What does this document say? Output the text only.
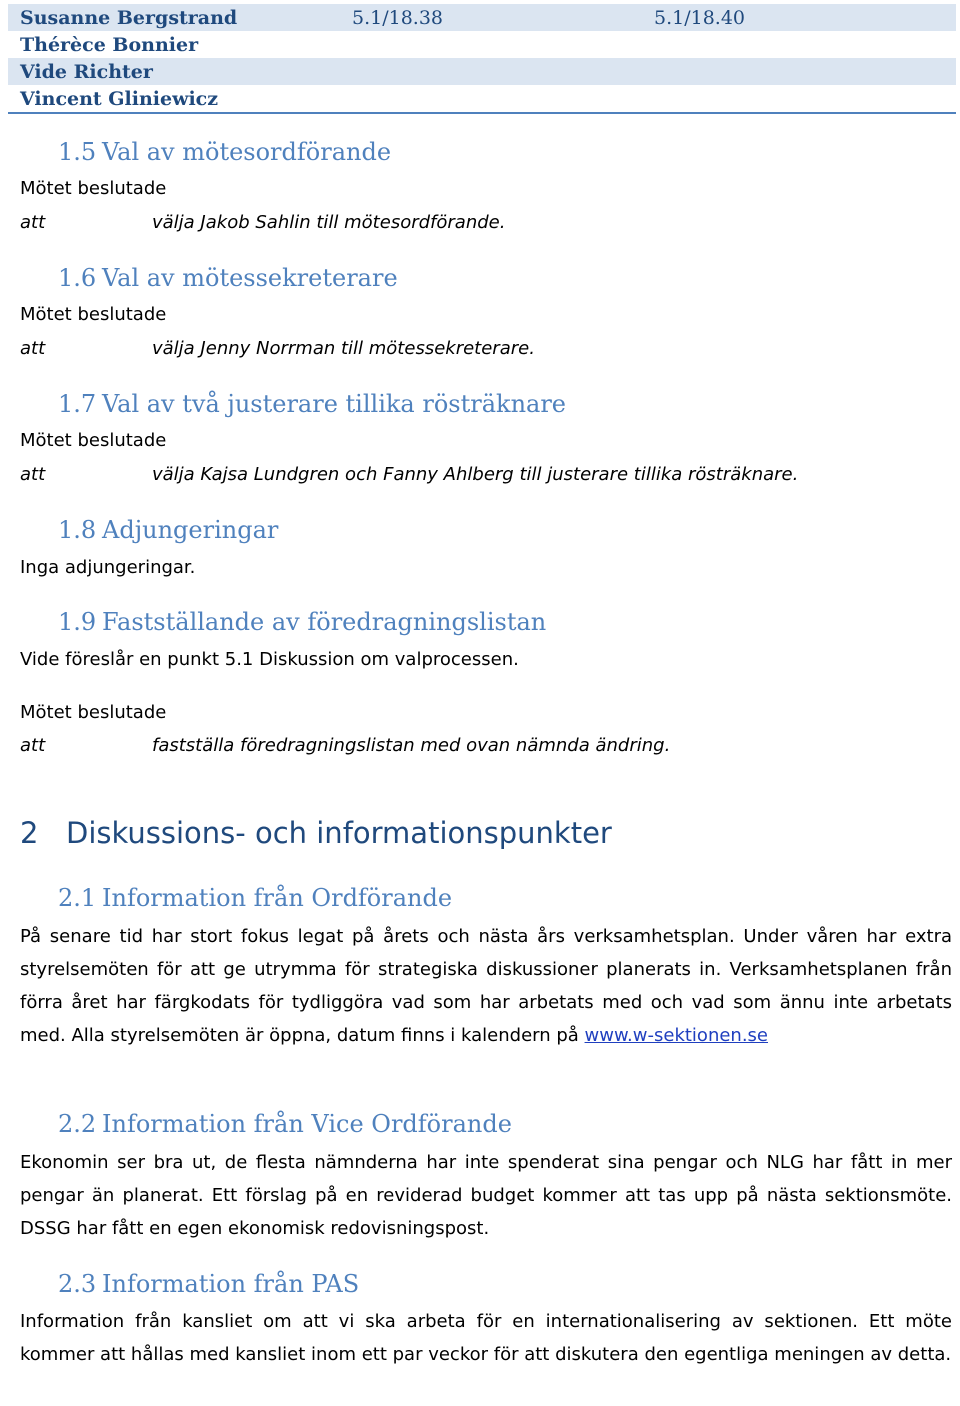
Susanne Bergstrand	5.1/18.38	5.1/18.40
Thérèce Bonnier		
Vide Richter		
Vincent Gliniewicz		
1.5 Val av mötesordförande
Mötet beslutade
att	välja Jakob Sahlin till mötesordförande.
1.6 Val av mötessekreterare
Mötet beslutade
att	välja Jenny Norrman till mötessekreterare.
1.7 Val av två justerare tillika rösträknare
Mötet beslutade
att	välja Kajsa Lundgren och Fanny Ahlberg till justerare tillika rösträknare.
1.8 Adjungeringar
Inga adjungeringar.
1.9 Fastställande av föredragningslistan
Vide föreslår en punkt 5.1 Diskussion om valprocessen.
Mötet beslutade
att	fastställa föredragningslistan med ovan nämnda ändring.
2 Diskussions- och informationspunkter
2.1 Information från Ordförande

På senare tid har stort fokus legat på årets och nästa års verksamhetsplan. Under våren har extra styrelsemöten för att ge utrymma för strategiska diskussioner planerats in. Verksamhetsplanen från förra året har färgkodats för tydliggöra vad som har arbetats med och vad som ännu inte arbetats med. Alla styrelsemöten är öppna, datum finns i kalendern på www.w-sektionen.se

2.2 Information från Vice Ordförande

Ekonomin ser bra ut, de flesta nämnderna har inte spenderat sina pengar och NLG har fått in mer pengar än planerat. Ett förslag på en reviderad budget kommer att tas upp på nästa sektionsmöte. DSSG har fått en egen ekonomisk redovisningspost.

2.3 Information från PAS

Information från kansliet om att vi ska arbeta för en internationalisering av sektionen. Ett möte kommer att hållas med kansliet inom ett par veckor för att diskutera den egentliga meningen av detta.
